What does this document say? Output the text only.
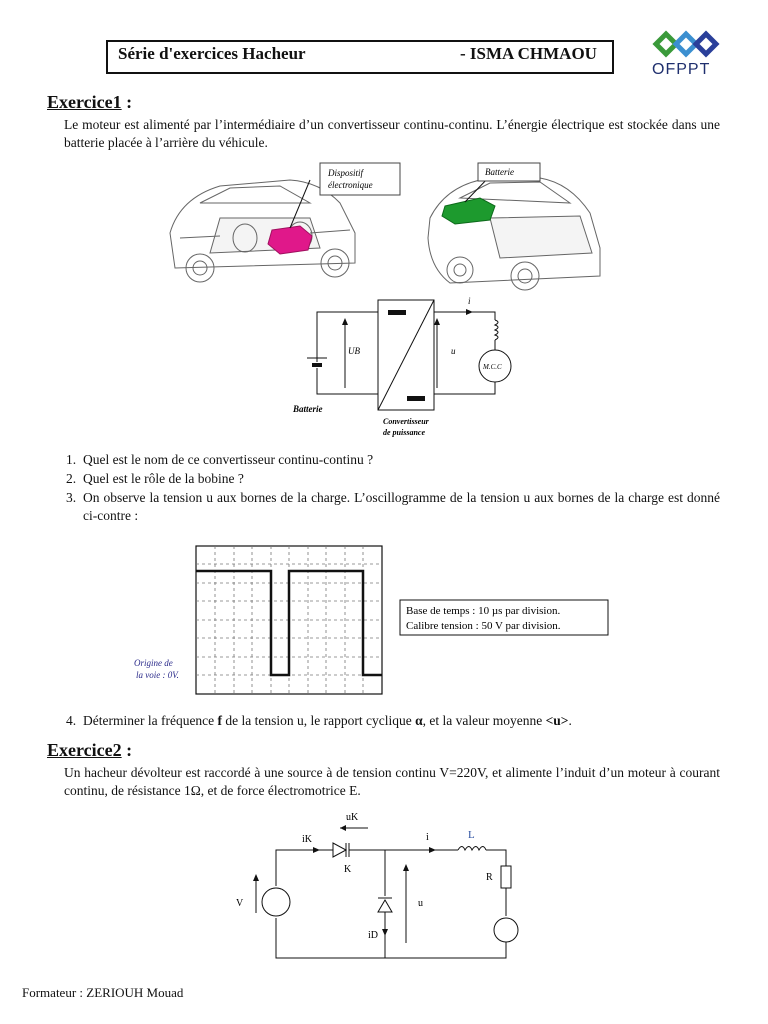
Série d'exercices Hacheur	- ISMA CHMAOU
OFPPT
Exercice1 :
Le moteur est alimenté par l’intermédiaire d’un convertisseur continu-continu. L’énergie électrique est stockée dans une batterie placée à l’arrière du véhicule.
Dispositif
électronique
Batterie
UB	u
i
M.C.C
Batterie
Convertisseur
de puissance
1. Quel est le nom de ce convertisseur continu-continu ?
2. Quel est le rôle de la bobine ?
3. On observe la tension u aux bornes de la charge. L’oscillogramme de la tension u aux bornes de la charge est donné ci-contre :
Origine de
la voie : 0V.
Base de temps : 10 µs par division.
Calibre tension : 50 V par division.
4. Déterminer la fréquence f de la tension u, le rapport cyclique α, et la valeur moyenne <u>.
Exercice2 :
Un hacheur dévolteur est raccordé à une source à de tension continu V=220V, et alimente l’induit d’un moteur à courant continu, de résistance 1Ω, et de force électromotrice E.
uK
iK
K
i	L
R
V	u
iD
Formateur : ZERIOUH Mouad
